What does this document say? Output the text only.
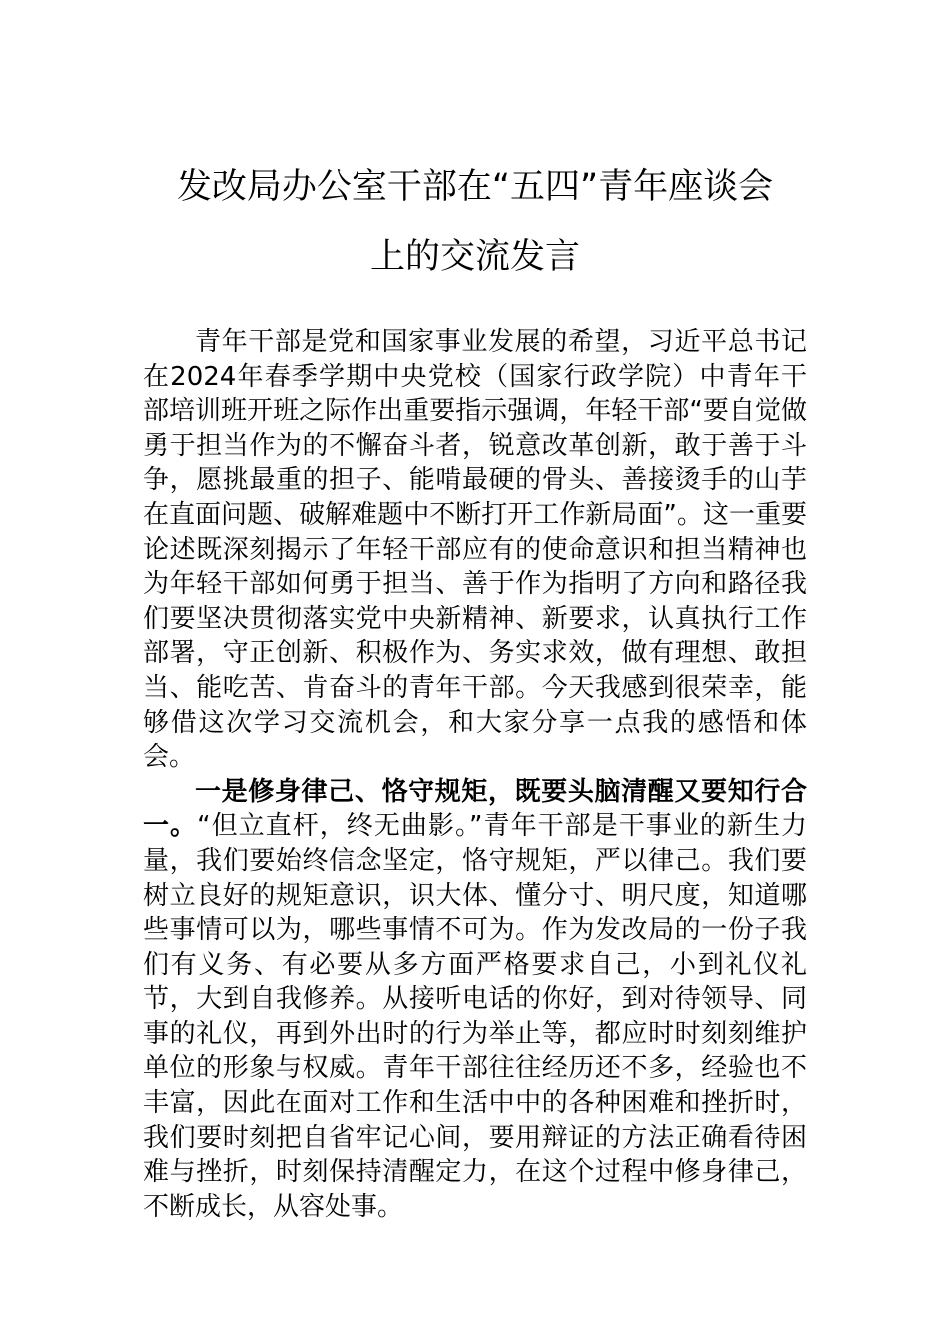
发改局办公室干部在“五四”青年座谈会
上的交流发言

青年干部是党和国家事业发展的希望，习近平总书记在2024年春季学期中央党校（国家行政学院）中青年干部培训班开班之际作出重要指示强调，年轻干部“要自觉做勇于担当作为的不懈奋斗者，锐意改革创新，敢于善于斗争，愿挑最重的担子、能啃最硬的骨头、善接烫手的山芋在直面问题、破解难题中不断打开工作新局面”。这一重要论述既深刻揭示了年轻干部应有的使命意识和担当精神也为年轻干部如何勇于担当、善于作为指明了方向和路径我们要坚决贯彻落实党中央新精神、新要求，认真执行工作部署，守正创新、积极作为、务实求效，做有理想、敢担当、能吃苦、肯奋斗的青年干部。今天我感到很荣幸，能够借这次学习交流机会，和大家分享一点我的感悟和体会。

一是修身律己、恪守规矩，既要头脑清醒又要知行合一。“但立直杆，终无曲影。”青年干部是干事业的新生力量，我们要始终信念坚定，恪守规矩，严以律己。我们要树立良好的规矩意识，识大体、懂分寸、明尺度，知道哪些事情可以为，哪些事情不可为。作为发改局的一份子我们有义务、有必要从多方面严格要求自己，小到礼仪礼节，大到自我修养。从接听电话的你好，到对待领导、同事的礼仪，再到外出时的行为举止等，都应时时刻刻维护单位的形象与权威。青年干部往往经历还不多，经验也不丰富，因此在面对工作和生活中中的各种困难和挫折时，我们要时刻把自省牢记心间，要用辩证的方法正确看待困难与挫折，时刻保持清醒定力，在这个过程中修身律己，不断成长，从容处事。
